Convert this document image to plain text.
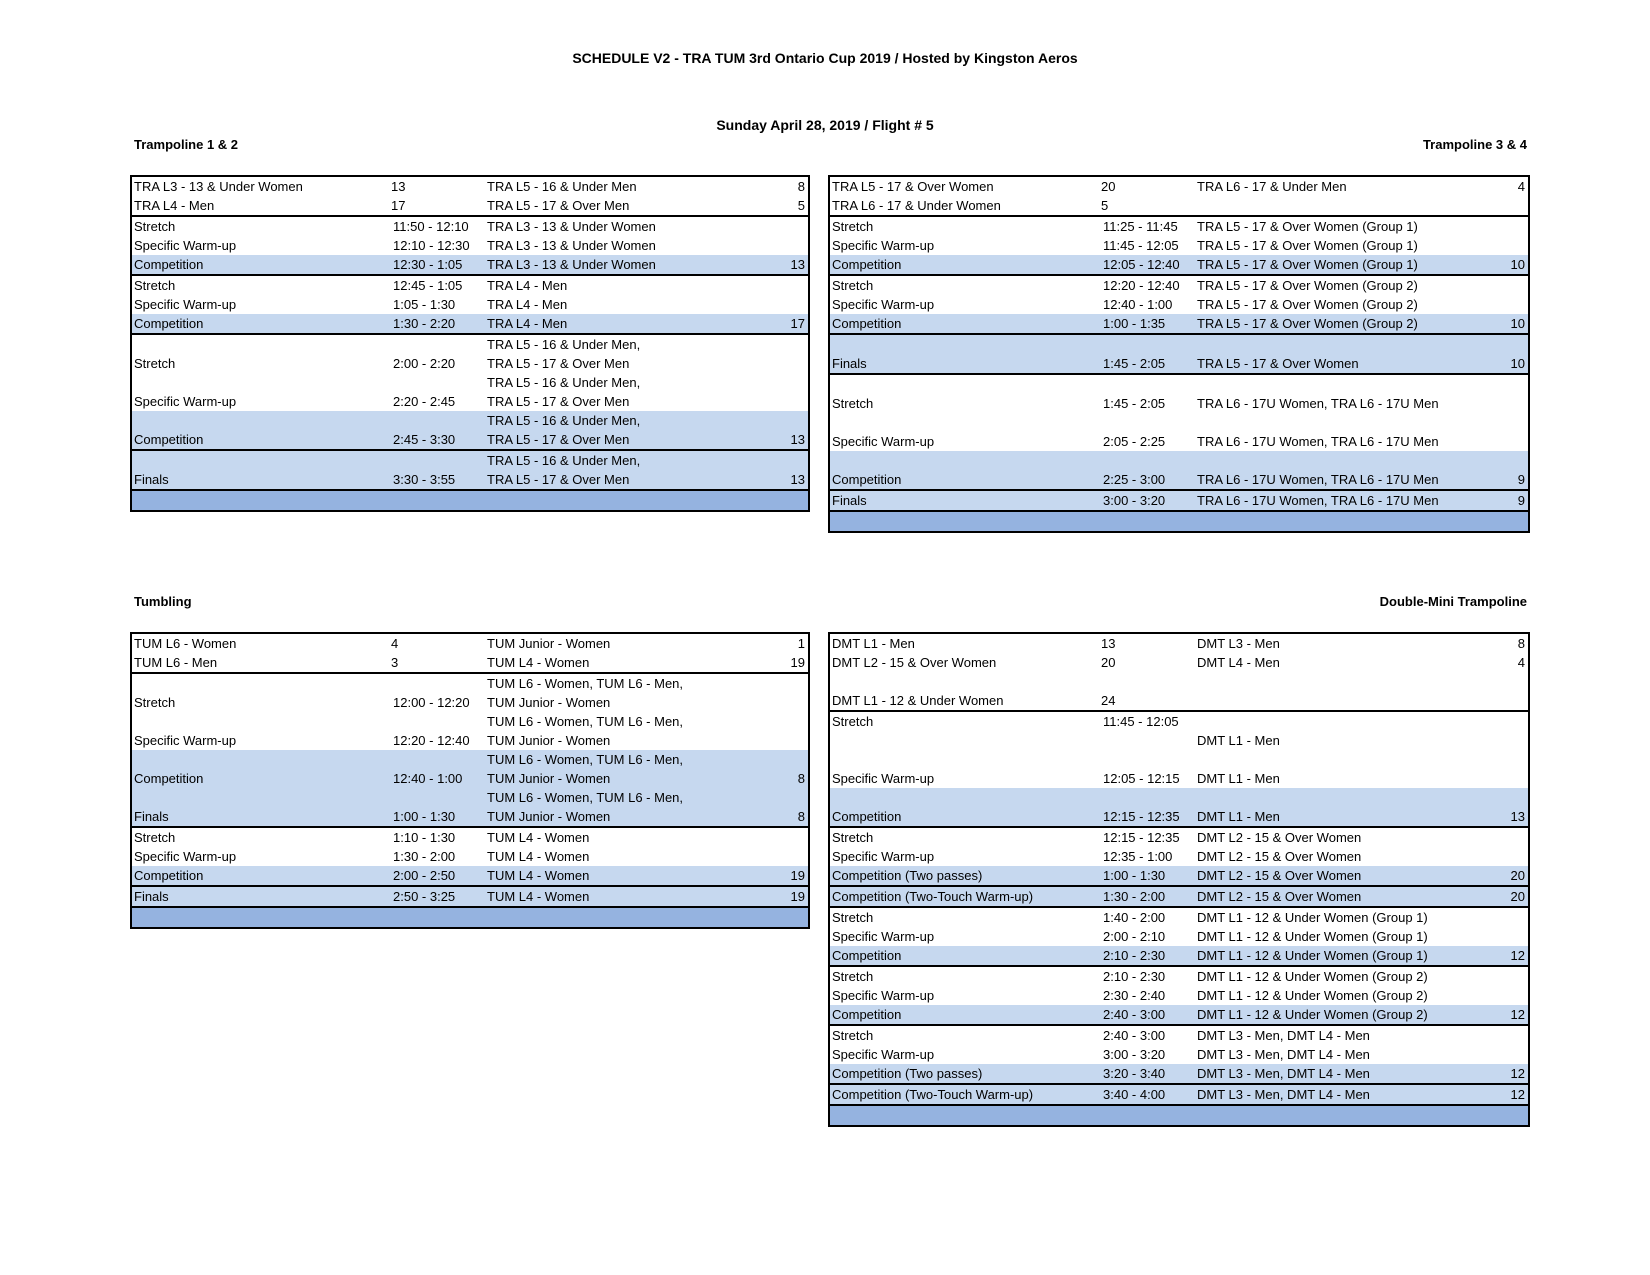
SCHEDULE V2 - TRA TUM 3rd Ontario Cup 2019 / Hosted by Kingston Aeros
Sunday April 28, 2019 / Flight # 5
Trampoline 1 & 2	Trampoline 3 & 4
Tumbling	Double-Mini Trampoline
TRA L3 - 13 & Under Women	13	TRA L5 - 16 & Under Men	8
TRA L4 - Men	17	TRA L5 - 17 & Over Men	5
Stretch	11:50 - 12:10	TRA L3 - 13 & Under Women	
Specific Warm-up	12:10 - 12:30	TRA L3 - 13 & Under Women	
Competition	12:30 - 1:05	TRA L3 - 13 & Under Women	13
Stretch	12:45 - 1:05	TRA L4 - Men	
Specific Warm-up	1:05 - 1:30	TRA L4 - Men	
Competition	1:30 - 2:20	TRA L4 - Men	17
Stretch	2:00 - 2:20	TRA L5 - 16 & Under Men,
TRA L5 - 17 & Over Men	

Specific Warm-up	2:20 - 2:45	TRA L5 - 16 & Under Men,
TRA L5 - 17 & Over Men	

Competition	2:45 - 3:30	TRA L5 - 16 & Under Men,
TRA L5 - 17 & Over Men	13
Finals	3:30 - 3:55	TRA L5 - 16 & Under Men,
TRA L5 - 17 & Over Men	13

TRA L5 - 17 & Over Women	20	TRA L6 - 17 & Under Men	4
TRA L6 - 17 & Under Women	5		
Stretch	11:25 - 11:45	TRA L5 - 17 & Over Women (Group 1)	
Specific Warm-up	11:45 - 12:05	TRA L5 - 17 & Over Women (Group 1)	
Competition	12:05 - 12:40	TRA L5 - 17 & Over Women (Group 1)	10
Stretch	12:20 - 12:40	TRA L5 - 17 & Over Women (Group 2)	
Specific Warm-up	12:40 - 1:00	TRA L5 - 17 & Over Women (Group 2)	
Competition	1:00 - 1:35	TRA L5 - 17 & Over Women (Group 2)	10
Finals	1:45 - 2:05	TRA L5 - 17 & Over Women	10
Stretch	1:45 - 2:05	TRA L6 - 17U Women, TRA L6 - 17U Men	
Specific Warm-up	2:05 - 2:25	TRA L6 - 17U Women, TRA L6 - 17U Men	
Competition	2:25 - 3:00	TRA L6 - 17U Women, TRA L6 - 17U Men	9
Finals	3:00 - 3:20	TRA L6 - 17U Women, TRA L6 - 17U Men	9

TUM L6 - Women	4	TUM Junior - Women	1
TUM L6 - Men	3	TUM L4 - Women	19
Stretch	12:00 - 12:20	TUM L6 - Women, TUM L6 - Men,
TUM Junior - Women	

Specific Warm-up	12:20 - 12:40	TUM L6 - Women, TUM L6 - Men,
TUM Junior - Women	

Competition	12:40 - 1:00	TUM L6 - Women, TUM L6 - Men,
TUM Junior - Women	8
Finals	1:00 - 1:30	TUM L6 - Women, TUM L6 - Men,
TUM Junior - Women	8
Stretch	1:10 - 1:30	TUM L4 - Women	
Specific Warm-up	1:30 - 2:00	TUM L4 - Women	
Competition	2:00 - 2:50	TUM L4 - Women	19
Finals	2:50 - 3:25	TUM L4 - Women	19

DMT L1 - Men	13	DMT L3 - Men	8
DMT L2 - 15 & Over Women	20	DMT L4 - Men	4
DMT L1 - 12 & Under Women	24		
Stretch	11:45 - 12:05	DMT L1 - Men	
Specific Warm-up	12:05 - 12:15	DMT L1 - Men	
Competition	12:15 - 12:35	DMT L1 - Men	13
Stretch	12:15 - 12:35	DMT L2 - 15 & Over Women	
Specific Warm-up	12:35 - 1:00	DMT L2 - 15 & Over Women	
Competition (Two passes)	1:00 - 1:30	DMT L2 - 15 & Over Women	20
Competition (Two-Touch Warm-up)	1:30 - 2:00	DMT L2 - 15 & Over Women	20
Stretch	1:40 - 2:00	DMT L1 - 12 & Under Women (Group 1)	
Specific Warm-up	2:00 - 2:10	DMT L1 - 12 & Under Women (Group 1)	
Competition	2:10 - 2:30	DMT L1 - 12 & Under Women (Group 1)	12
Stretch	2:10 - 2:30	DMT L1 - 12 & Under Women (Group 2)	
Specific Warm-up	2:30 - 2:40	DMT L1 - 12 & Under Women (Group 2)	
Competition	2:40 - 3:00	DMT L1 - 12 & Under Women (Group 2)	12
Stretch	2:40 - 3:00	DMT L3 - Men, DMT L4 - Men	
Specific Warm-up	3:00 - 3:20	DMT L3 - Men, DMT L4 - Men	
Competition (Two passes)	3:20 - 3:40	DMT L3 - Men, DMT L4 - Men	12
Competition (Two-Touch Warm-up)	3:40 - 4:00	DMT L3 - Men, DMT L4 - Men	12
